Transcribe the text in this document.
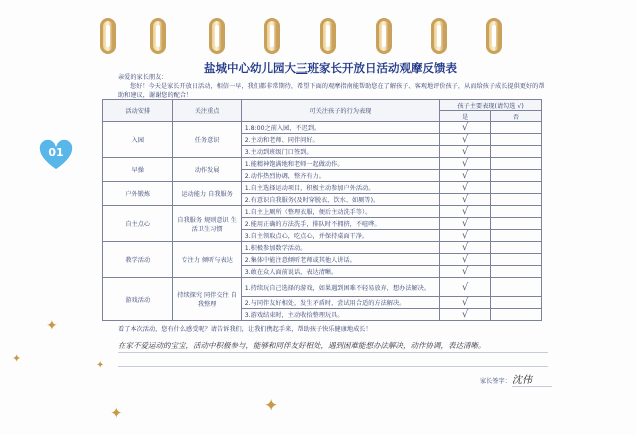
01
盐城中心幼儿园大三班家长开放日活动观摩反馈表
亲爱的家长朋友：
您好！今天是家长开放日活动，相信一早，我们都非常期待，希望下面的观摩指南能帮助您在了解孩子、客观地评价孩子，从而给孩子成长提供更好的帮助和建议，谢谢您的配合！
活动安排	关注重点	可关注孩子的行为表现	孩子主要表现(请勾选 √)	
			是	否
入园	任务意识	1.8:00之前入园，不迟到。	√	
		2.主动和老师、同伴问好。	√	
		3.主动到班级门口签到。	√	
早操	动作发展	1.能精神饱满地和老师一起做动作。	√	
		2.动作热烈协调，整齐有力。	√	
户外锻炼	运动能力 自我服务	1.自主选择运动项目，积极主动参加户外活动。	√	
		2.有意识自我服务(及时穿脱衣、饮水、如厕等)。	√	
自主点心	自我服务 规则意识 生活卫生习惯	1.自主上厕所（整理衣服，便后主动洗手等）。	√	
		2.能用正确的方法洗手，排队时不拥挤，不喧哗。	√	
		3.自主领取点心，吃点心，并保持桌面干净。	√	
教学活动	专注力 倾听与表达	1.积极参加数学活动。	√	
		2.集体中能注意倾听老师或其他人讲话。	√	
		3.敢在众人面前说话，表达清晰。	√	
游戏活动	持续探究 同伴交往 自我整理	1.持续玩自己选择的游戏，如果遇到困难不轻易放弃，想办法解决。	√	
		2.与同伴友好相处，发生矛盾时，尝试用合适的方法解决。	√	
		3.游戏结束时，主动收拾整理玩具。	√	
看了本次活动，您有什么感受呢？请告诉我们，让我们携起手来，帮助孩子快乐健康地成长！
在家不爱运动的宝宝，活动中积极参与，能够和同伴友好相处，遇到困难能想办法解决，动作协调，表达清晰。
家长签字： 沈伟
✦
✦
✦
✦
✦
